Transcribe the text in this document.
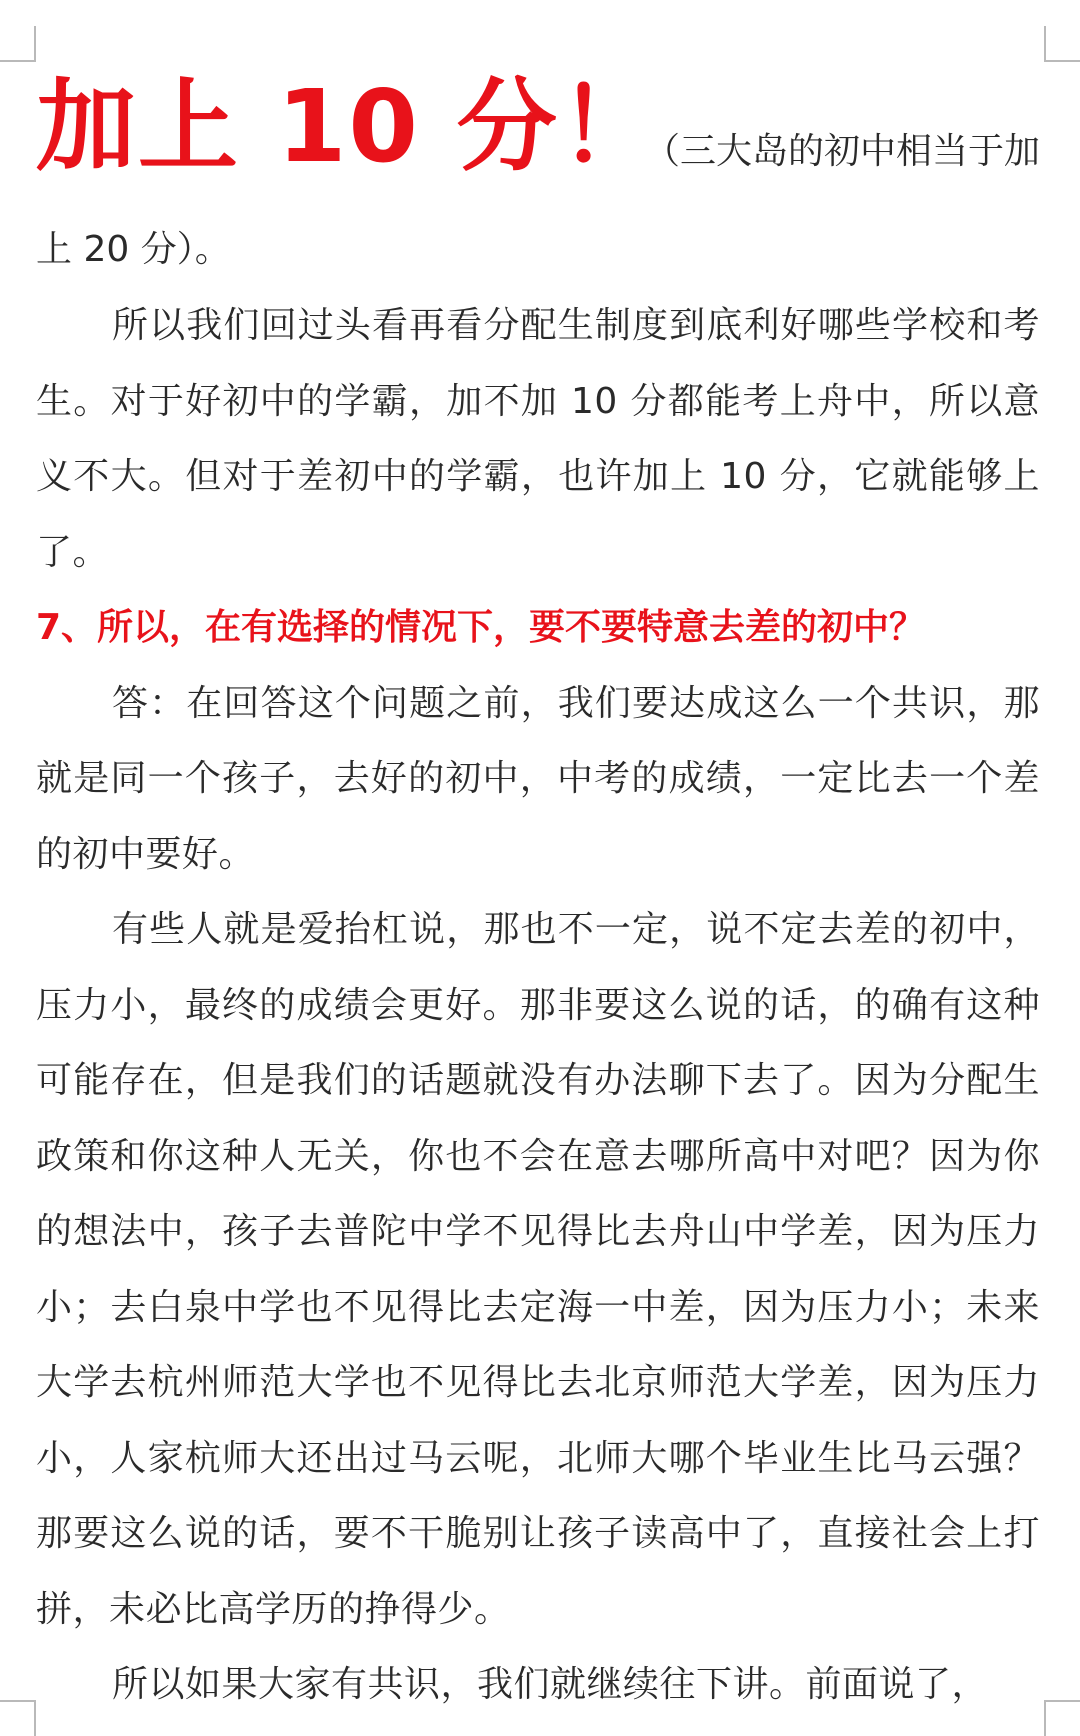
加上 10 分！
（三大岛的初中相当于加
上 20 分）。

所以我们回过头看再看分配生制度到底利好哪些学校和考生。对于好初中的学霸，加不加 10 分都能考上舟中，所以意义不大。但对于差初中的学霸，也许加上 10 分，它就能够上了。

7、所以，在有选择的情况下，要不要特意去差的初中？

答：在回答这个问题之前，我们要达成这么一个共识，那就是同一个孩子，去好的初中，中考的成绩，一定比去一个差的初中要好。

有些人就是爱抬杠说，那也不一定，说不定去差的初中，压力小，最终的成绩会更好。那非要这么说的话，的确有这种可能存在，但是我们的话题就没有办法聊下去了。因为分配生政策和你这种人无关，你也不会在意去哪所高中对吧？因为你的想法中，孩子去普陀中学不见得比去舟山中学差，因为压力小；去白泉中学也不见得比去定海一中差，因为压力小；未来大学去杭州师范大学也不见得比去北京师范大学差，因为压力小，人家杭师大还出过马云呢，北师大哪个毕业生比马云强？那要这么说的话，要不干脆别让孩子读高中了，直接社会上打拼，未必比高学历的挣得少。

所以如果大家有共识，我们就继续往下讲。前面说了，
